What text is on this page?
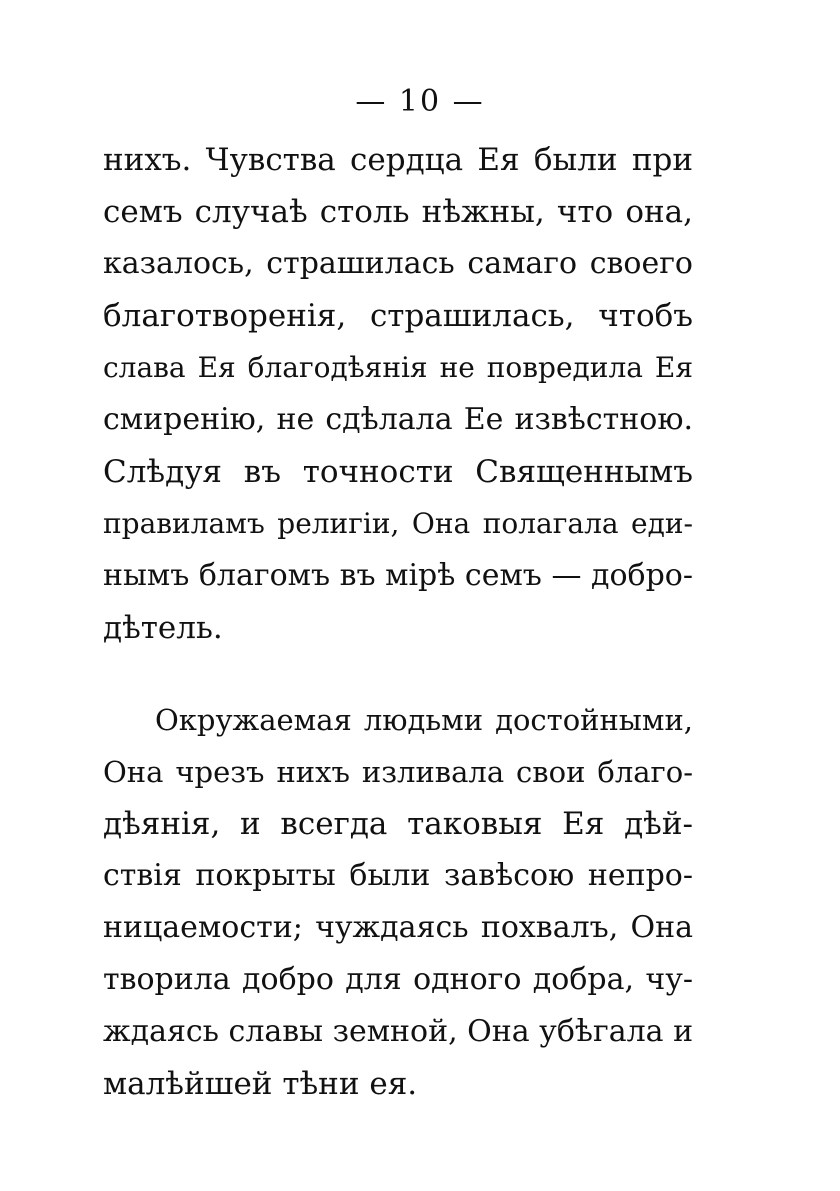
— 10 —
нихъ. Чувства сердца Ея были при
семъ случаѣ столь нѣжны, что она,
казалось, страшилась самаго своего
благотворенія, страшилась, чтобъ
слава Ея благодѣянія не повредила Ея
смиренію, не сдѣлала Ее извѣстною.
Слѣдуя въ точности Священнымъ
правиламъ религіи, Она полагала еди-
нымъ благомъ въ мірѣ семъ — добро-
дѣтель.
Окружаемая людьми достойными,
Она чрезъ нихъ изливала свои благо-
дѣянія, и всегда таковыя Ея дѣй-
ствія покрыты были завѣсою непро-
ницаемости; чуждаясь похвалъ, Она
творила добро для одного добра, чу-
ждаясь славы земной, Она убѣгала и
малѣйшей тѣни ея.
